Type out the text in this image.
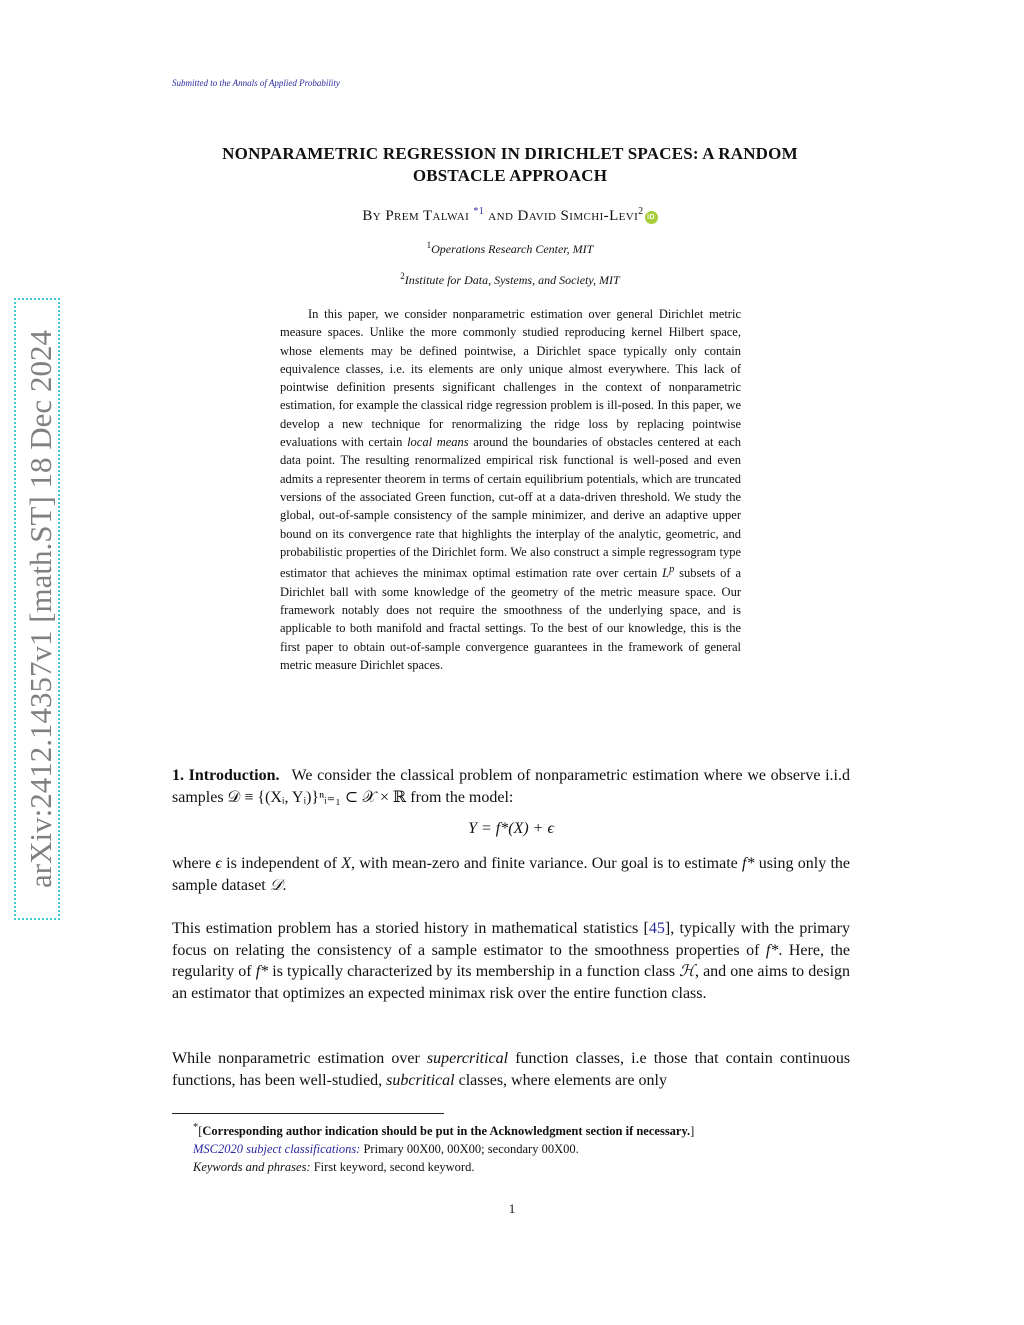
Submitted to the Annals of Applied Probability
arXiv:2412.14357v1 [math.ST] 18 Dec 2024
NONPARAMETRIC REGRESSION IN DIRICHLET SPACES: A RANDOM OBSTACLE APPROACH
By Prem Talwai $^{*1}$ and David Simchi-Levi$^2$iD
$^1$Operations Research Center, MIT
$^2$Institute for Data, Systems, and Society, MIT

In this paper, we consider nonparametric estimation over general Dirichlet metric measure spaces. Unlike the more commonly studied reproducing kernel Hilbert space, whose elements may be defined pointwise, a Dirichlet space typically only contain equivalence classes, i.e. its elements are only unique almost everywhere. This lack of pointwise definition presents significant challenges in the context of nonparametric estimation, for example the classical ridge regression problem is ill-posed. In this paper, we develop a new technique for renormalizing the ridge loss by replacing pointwise evaluations with certain local means around the boundaries of obstacles centered at each data point. The resulting renormalized empirical risk functional is well-posed and even admits a representer theorem in terms of certain equilibrium potentials, which are truncated versions of the associated Green function, cut-off at a data-driven threshold. We study the global, out-of-sample consistency of the sample minimizer, and derive an adaptive upper bound on its convergence rate that highlights the interplay of the analytic, geometric, and probabilistic properties of the Dirichlet form. We also construct a simple regressogram type estimator that achieves the minimax optimal estimation rate over certain $L^p$ subsets of a Dirichlet ball with some knowledge of the geometry of the metric measure space. Our framework notably does not require the smoothness of the underlying space, and is applicable to both manifold and fractal settings. To the best of our knowledge, this is the first paper to obtain out-of-sample convergence guarantees in the framework of general metric measure Dirichlet spaces.

1. Introduction. We consider the classical problem of nonparametric estimation where we observe i.i.d samples 𝒟 ≡ {(Xᵢ, Yᵢ)}ⁿᵢ₌₁ ⊂ 𝒳 × ℝ from the model:

Y = f*(X) + ϵ

where ϵ is independent of X, with mean-zero and finite variance. Our goal is to estimate f* using only the sample dataset 𝒟.

This estimation problem has a storied history in mathematical statistics [45], typically with the primary focus on relating the consistency of a sample estimator to the smoothness properties of f*. Here, the regularity of f* is typically characterized by its membership in a function class ℋ, and one aims to design an estimator that optimizes an expected minimax risk over the entire function class.

While nonparametric estimation over supercritical function classes, i.e those that contain continuous functions, has been well-studied, subcritical classes, where elements are only

*[Corresponding author indication should be put in the Acknowledgment section if necessary.]
MSC2020 subject classifications: Primary 00X00, 00X00; secondary 00X00.
Keywords and phrases: First keyword, second keyword.
1
